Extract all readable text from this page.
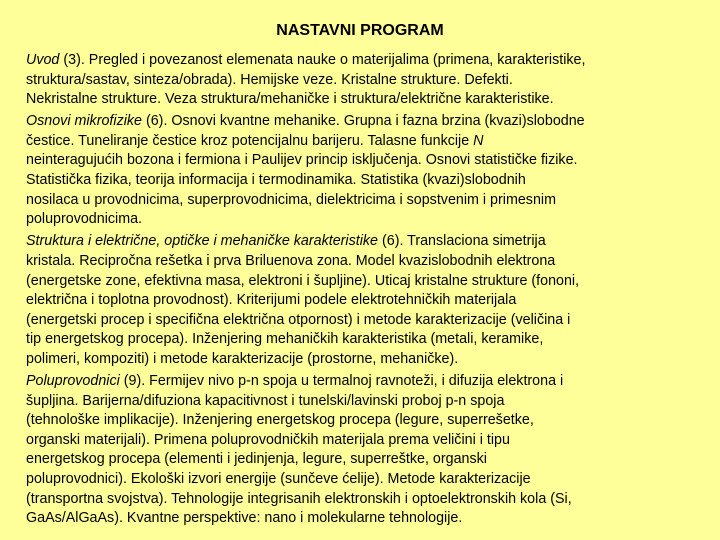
NASTAVNI PROGRAM
Uvod (3). Pregled i povezanost elemenata nauke o materijalima (primena, karakteristike,
struktura/sastav, sinteza/obrada). Hemijske veze. Kristalne strukture. Defekti.
Nekristalne strukture. Veza struktura/mehaničke i struktura/električne karakteristike.
Osnovi mikrofizike (6). Osnovi kvantne mehanike. Grupna i fazna brzina (kvazi)slobodne
čestice. Tuneliranje čestice kroz potencijalnu barijeru. Talasne funkcije N
neinteragujućih bozona i fermiona i Paulijev princip isključenja. Osnovi statističke fizike.
Statistička fizika, teorija informacija i termodinamika. Statistika (kvazi)slobodnih
nosilaca u provodnicima, superprovodnicima, dielektricima i sopstvenim i primesnim
poluprovodnicima.
Struktura i električne, optičke i mehaničke karakteristike (6). Translaciona simetrija
kristala. Recipročna rešetka i prva Briluenova zona. Model kvazislobodnih elektrona
(energetske zone, efektivna masa, elektroni i šupljine). Uticaj kristalne strukture (fononi,
električna i toplotna provodnost). Kriterijumi podele elektrotehničkih materijala
(energetski procep i specifična električna otpornost) i metode karakterizacije (veličina i
tip energetskog procepa). Inženjering mehaničkih karakteristika (metali, keramike,
polimeri, kompoziti) i metode karakterizacije (prostorne, mehaničke).
Poluprovodnici (9). Fermijev nivo p-n spoja u termalnoj ravnoteži, i difuzija elektrona i
šupljina. Barijerna/difuziona kapacitivnost i tunelski/lavinski proboj p-n spoja
(tehnološke implikacije). Inženjering energetskog procepa (legure, superrešetke,
organski materijali). Primena poluprovodničkih materijala prema veličini i tipu
energetskog procepa (elementi i jedinjenja, legure, superreštke, organski
poluprovodnici). Ekološki izvori energije (sunčeve ćelije). Metode karakterizacije
(transportna svojstva). Tehnologije integrisanih elektronskih i optoelektronskih kola (Si,
GaAs/AlGaAs). Kvantne perspektive: nano i molekularne tehnologije.
